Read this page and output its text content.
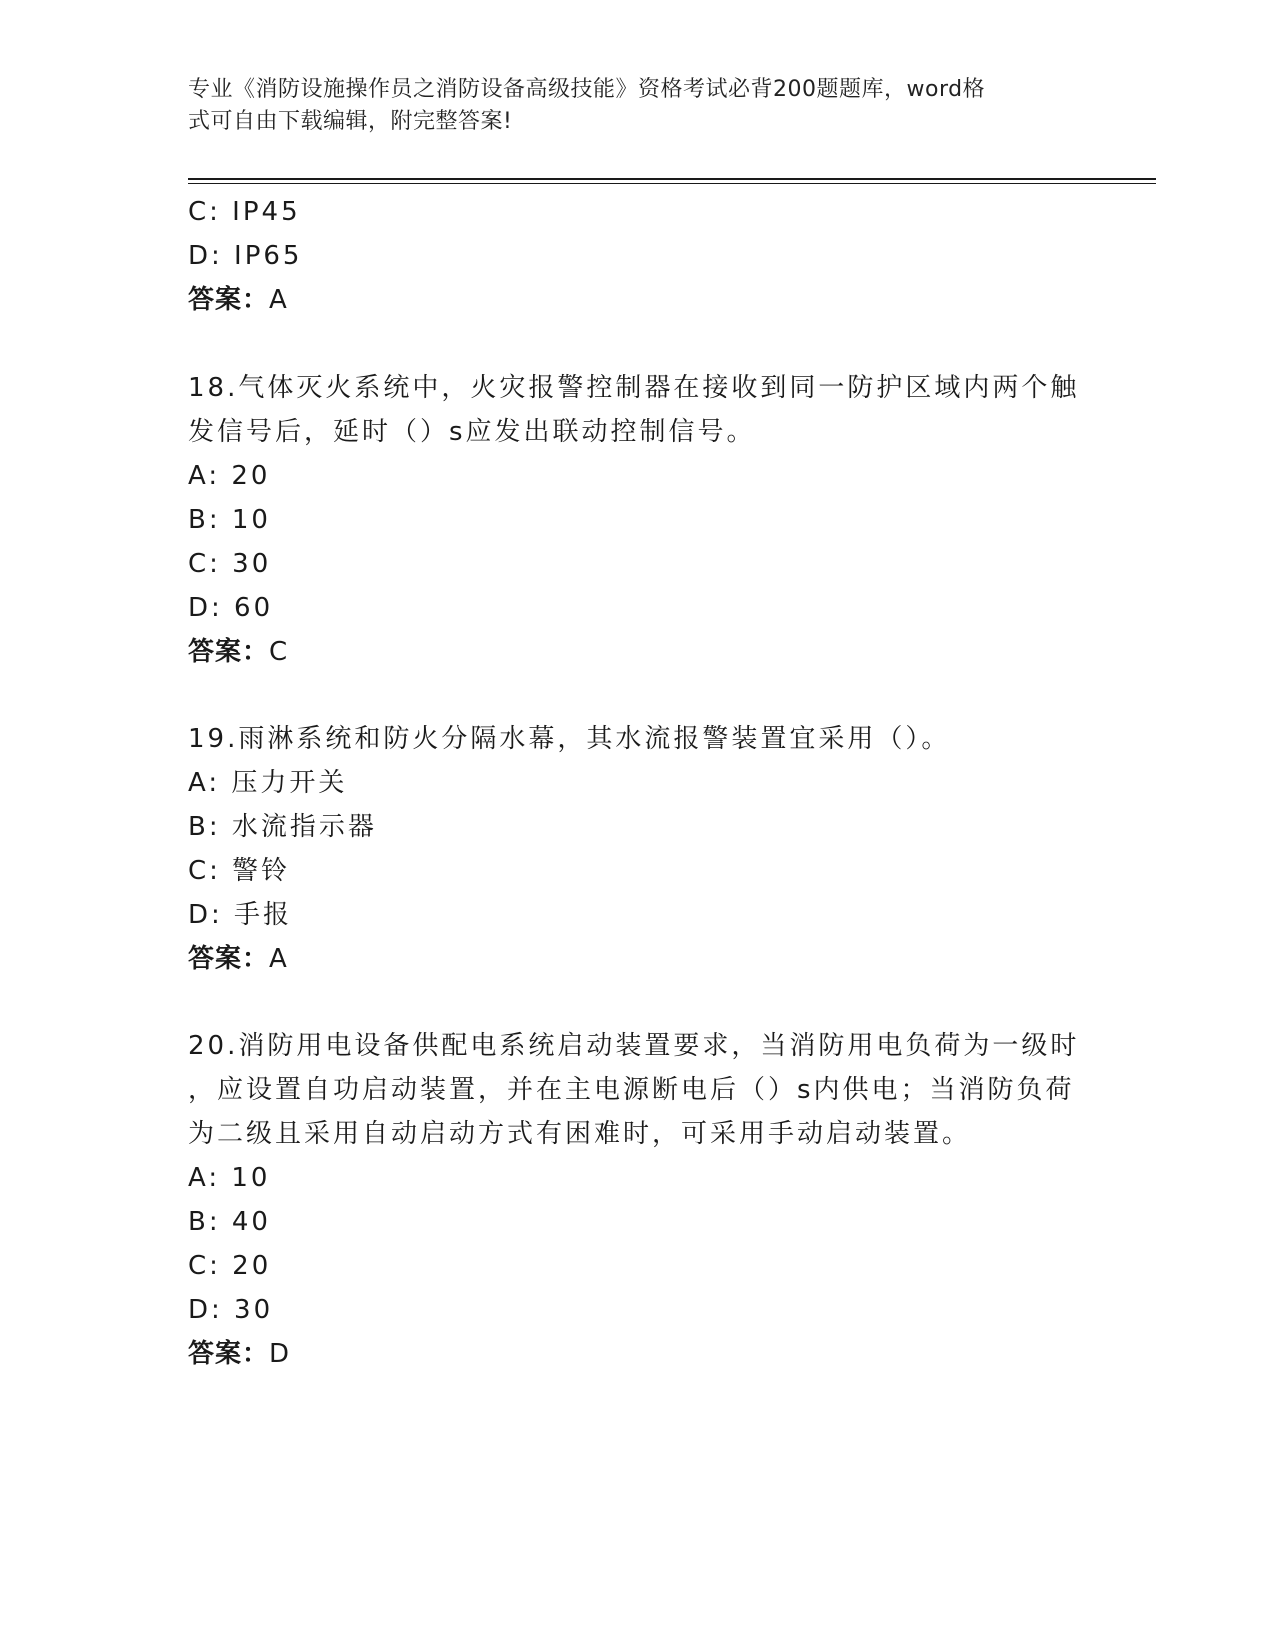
专业《消防设施操作员之消防设备高级技能》资格考试必背200题题库，word格
式可自由下载编辑，附完整答案!
C: IP45
D: IP65
答案：A
18.气体灭火系统中，火灾报警控制器在接收到同一防护区域内两个触
发信号后，延时（）s应发出联动控制信号。
A: 20
B: 10
C: 30
D: 60
答案：C
19.雨淋系统和防火分隔水幕，其水流报警装置宜采用（）。
A: 压力开关
B: 水流指示器
C: 警铃
D: 手报
答案：A
20.消防用电设备供配电系统启动装置要求，当消防用电负荷为一级时
，应设置自功启动装置，并在主电源断电后（）s内供电；当消防负荷
为二级且采用自动启动方式有困难时，可采用手动启动装置。
A: 10
B: 40
C: 20
D: 30
答案：D
